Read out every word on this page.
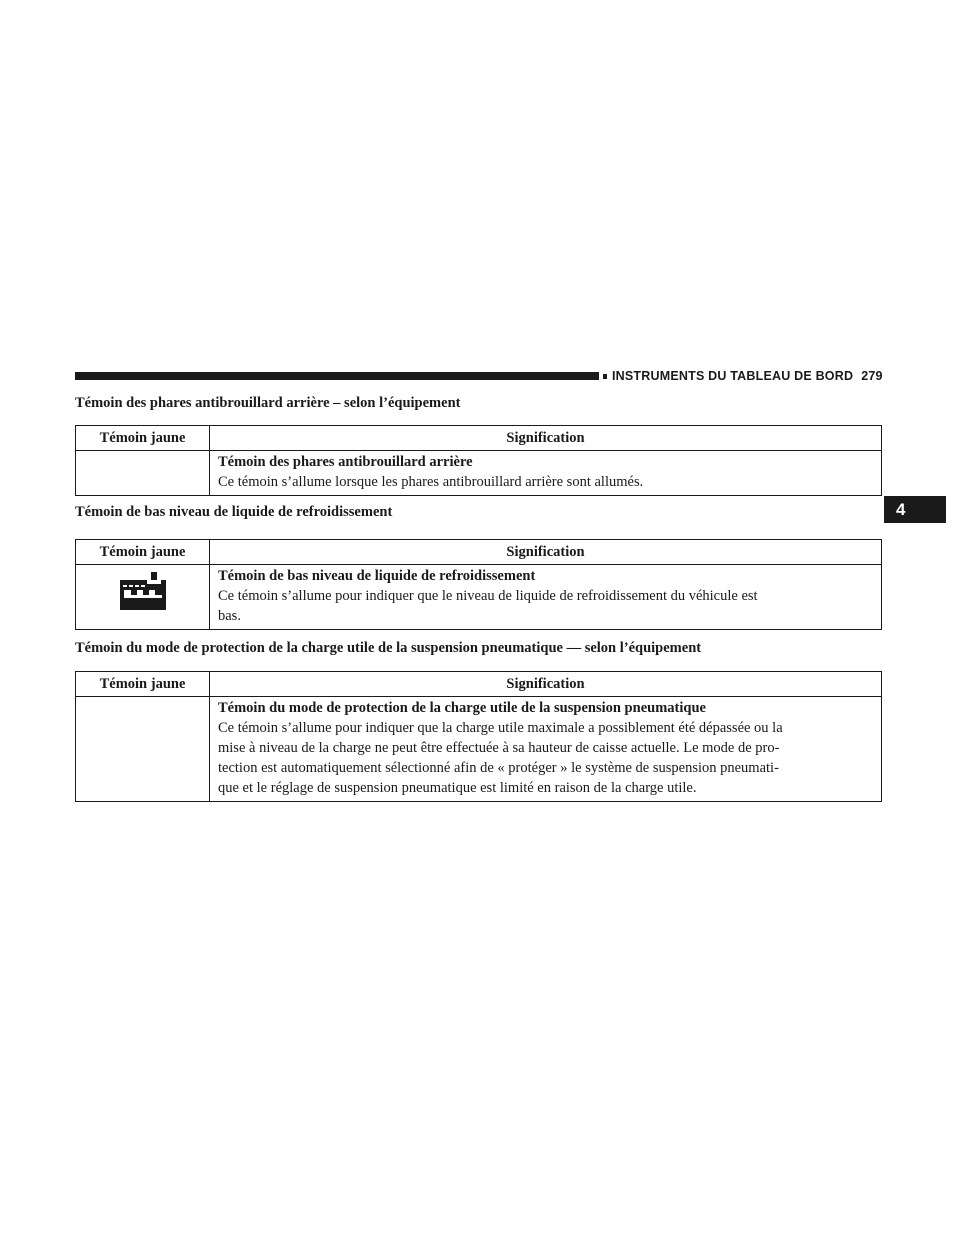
INSTRUMENTS DU TABLEAU DE BORD 279
4
Témoin des phares antibrouillard arrière – selon l’équipement
Témoin jaune	Signification

	Témoin des phares antibrouillard arrière
Ce témoin s’allume lorsque les phares antibrouillard arrière sont allumés.
Témoin de bas niveau de liquide de refroidissement
Témoin jaune	Signification

Témoin de bas niveau de liquide de refroidissement
Ce témoin s’allume pour indiquer que le niveau de liquide de refroidissement du véhicule est
bas.
Témoin du mode de protection de la charge utile de la suspension pneumatique — selon l’équipement
Témoin jaune	Signification

	Témoin du mode de protection de la charge utile de la suspension pneumatique
Ce témoin s’allume pour indiquer que la charge utile maximale a possiblement été dépassée ou la
mise à niveau de la charge ne peut être effectuée à sa hauteur de caisse actuelle. Le mode de pro-
tection est automatiquement sélectionné afin de « protéger » le système de suspension pneumati-
que et le réglage de suspension pneumatique est limité en raison de la charge utile.
